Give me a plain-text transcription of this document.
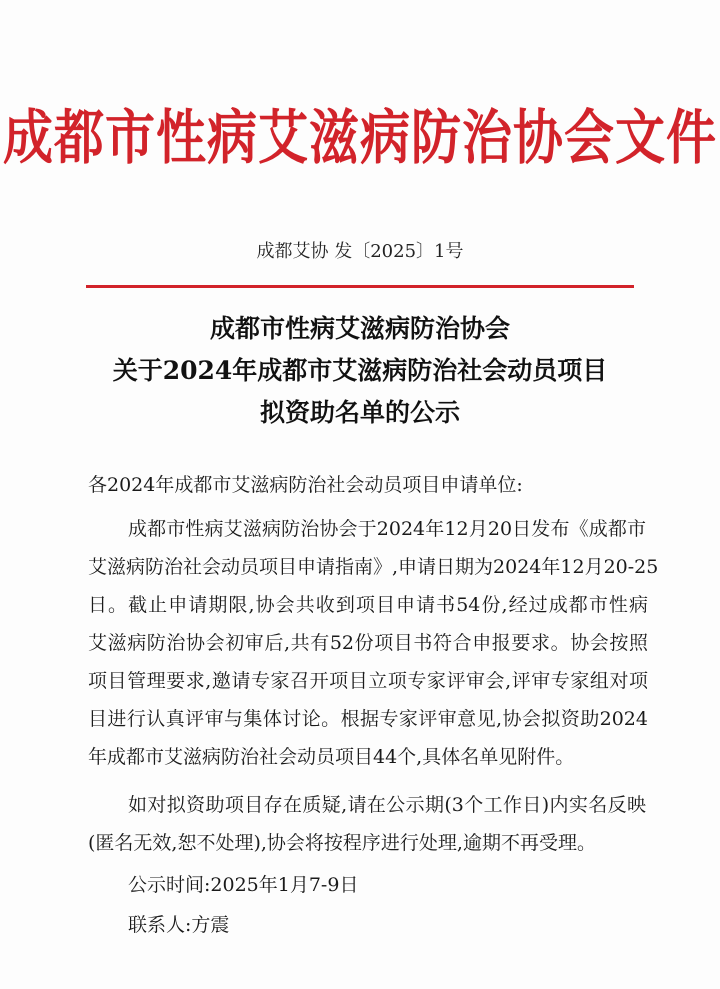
成都市性病艾滋病防治协会文件
成都艾协 发〔2025〕1号
成都市性病艾滋病防治协会
关于2024年成都市艾滋病防治社会动员项目
拟资助名单的公示
各2024年成都市艾滋病防治社会动员项目申请单位:
成都市性病艾滋病防治协会于2024年12月20日发布《成都市
艾滋病防治社会动员项目申请指南》,申请日期为2024年12月20-25
日。截止申请期限,协会共收到项目申请书54份,经过成都市性病
艾滋病防治协会初审后,共有52份项目书符合申报要求。协会按照
项目管理要求,邀请专家召开项目立项专家评审会,评审专家组对项
目进行认真评审与集体讨论。根据专家评审意见,协会拟资助2024
年成都市艾滋病防治社会动员项目44个,具体名单见附件。
如对拟资助项目存在质疑,请在公示期(3个工作日)内实名反映
(匿名无效,恕不处理),协会将按程序进行处理,逾期不再受理。
公示时间:2025年1月7-9日
联系人:方震
